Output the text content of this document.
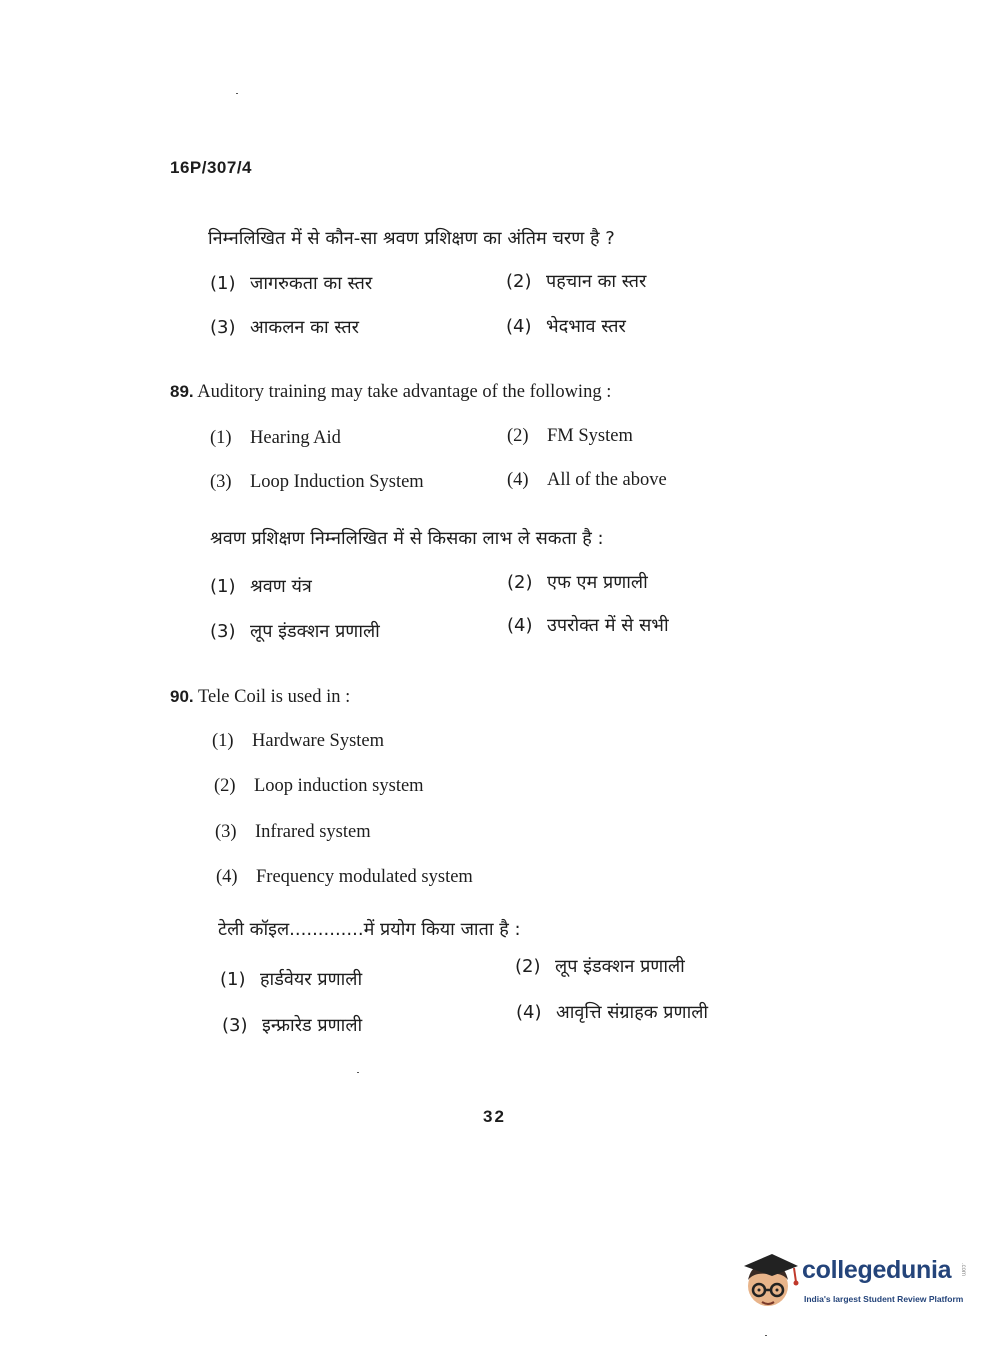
16P/307/4
निम्नलिखित में से कौन-सा श्रवण प्रशिक्षण का अंतिम चरण है ?
(1) जागरुकता का स्तर	(2) पहचान का स्तर
(3) आकलन का स्तर	(4) भेदभाव स्तर
89. Auditory training may take advantage of the following :
(1) Hearing Aid	(2) FM System
(3) Loop Induction System	(4) All of the above
श्रवण प्रशिक्षण निम्नलिखित में से किसका लाभ ले सकता है :
(1) श्रवण यंत्र	(2) एफ एम प्रणाली
(3) लूप इंडक्शन प्रणाली	(4) उपरोक्त में से सभी
90. Tele Coil is used in :
(1) Hardware System
(2) Loop induction system
(3) Infrared system
(4) Frequency modulated system
टेली कॉइल.............में प्रयोग किया जाता है :
(1) हार्डवेयर प्रणाली
(2) लूप इंडक्शन प्रणाली
(3) इन्फ्रारेड प्रणाली
(4) आवृत्ति संग्राहक प्रणाली
32
collegedunia .com
India's largest Student Review Platform
